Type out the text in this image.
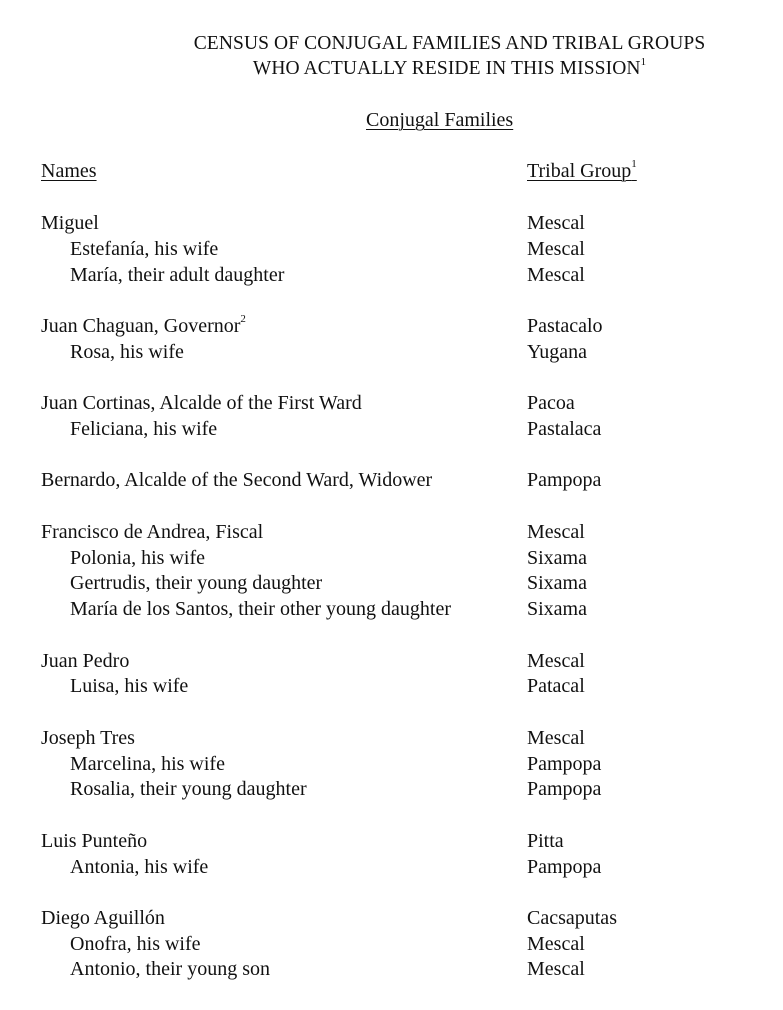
CENSUS OF CONJUGAL FAMILIES AND TRIBAL GROUPS
WHO ACTUALLY RESIDE IN THIS MISSION$^1$
Conjugal Families
Names	Tribal Group$^1$
Miguel	Mescal
Estefanía, his wife	Mescal
María, their adult daughter	Mescal
Juan Chaguan, Governor$^2$	Pastacalo
Rosa, his wife	Yugana
Juan Cortinas, Alcalde of the First Ward	Pacoa
Feliciana, his wife	Pastalaca
Bernardo, Alcalde of the Second Ward, Widower	Pampopa
Francisco de Andrea, Fiscal	Mescal
Polonia, his wife	Sixama
Gertrudis, their young daughter	Sixama
María de los Santos, their other young daughter	Sixama
Juan Pedro	Mescal
Luisa, his wife	Patacal
Joseph Tres	Mescal
Marcelina, his wife	Pampopa
Rosalia, their young daughter	Pampopa
Luis Punteño	Pitta
Antonia, his wife	Pampopa
Diego Aguillón	Cacsaputas
Onofra, his wife	Mescal
Antonio, their young son	Mescal
